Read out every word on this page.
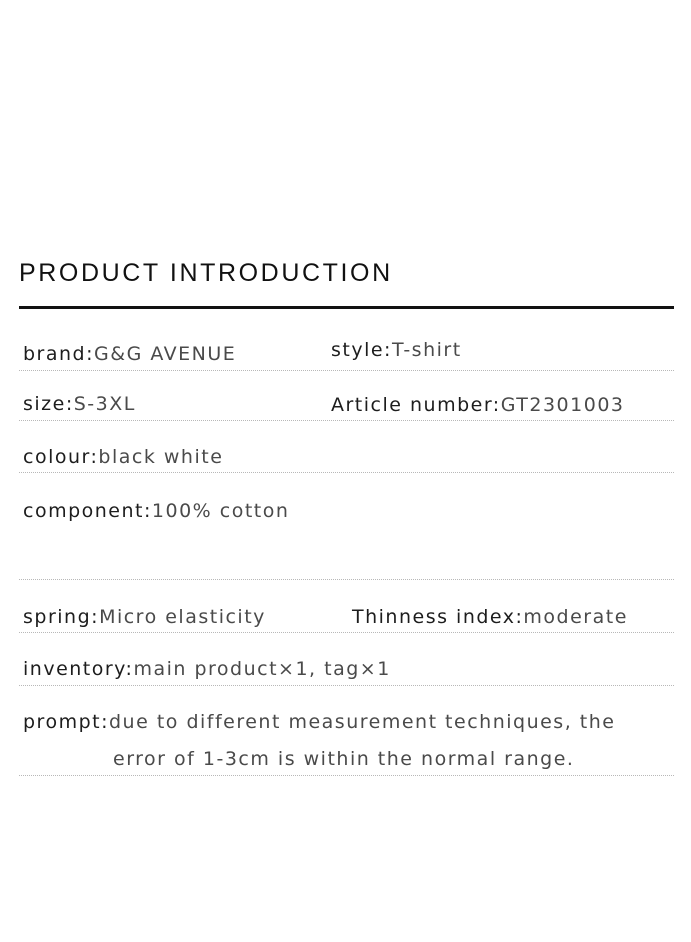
PRODUCT INTRODUCTION
brand:G&G AVENUE	style:T-shirt
size:S-3XL	Article number:GT2301003
colour:black white
component:100% cotton
spring:Micro elasticity	Thinness index:moderate
inventory:main product×1, tag×1
prompt:due to different measurement techniques, the
error of 1-3cm is within the normal range.
